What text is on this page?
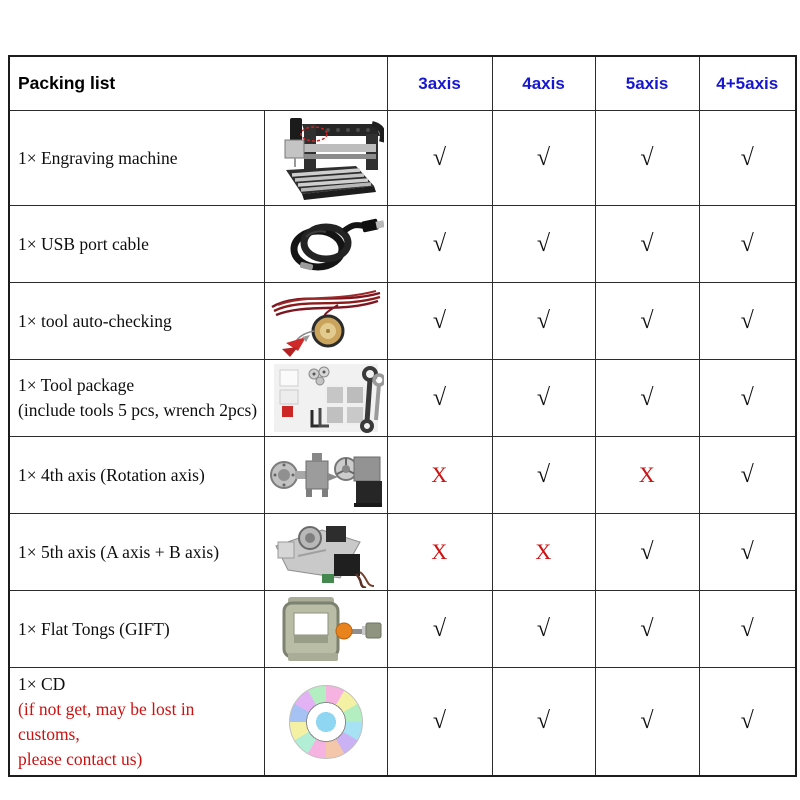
Packing list		3axis	4axis	5axis	4+5axis

1× Engraving machine		√	√	√	√

1× USB port cable		√	√	√	√

1× tool auto-checking		√	√	√	√

1× Tool package
(include tools 5 pcs, wrench 2pcs)		√	√	√	√

1× 4th axis (Rotation axis)		X	√	X	√

1× 5th axis (A axis + B axis)		X	X	√	√

1× Flat Tongs (GIFT)		√	√	√	√

1× CD
(if not get, may be lost in customs,
please contact us)		√	√	√	√
